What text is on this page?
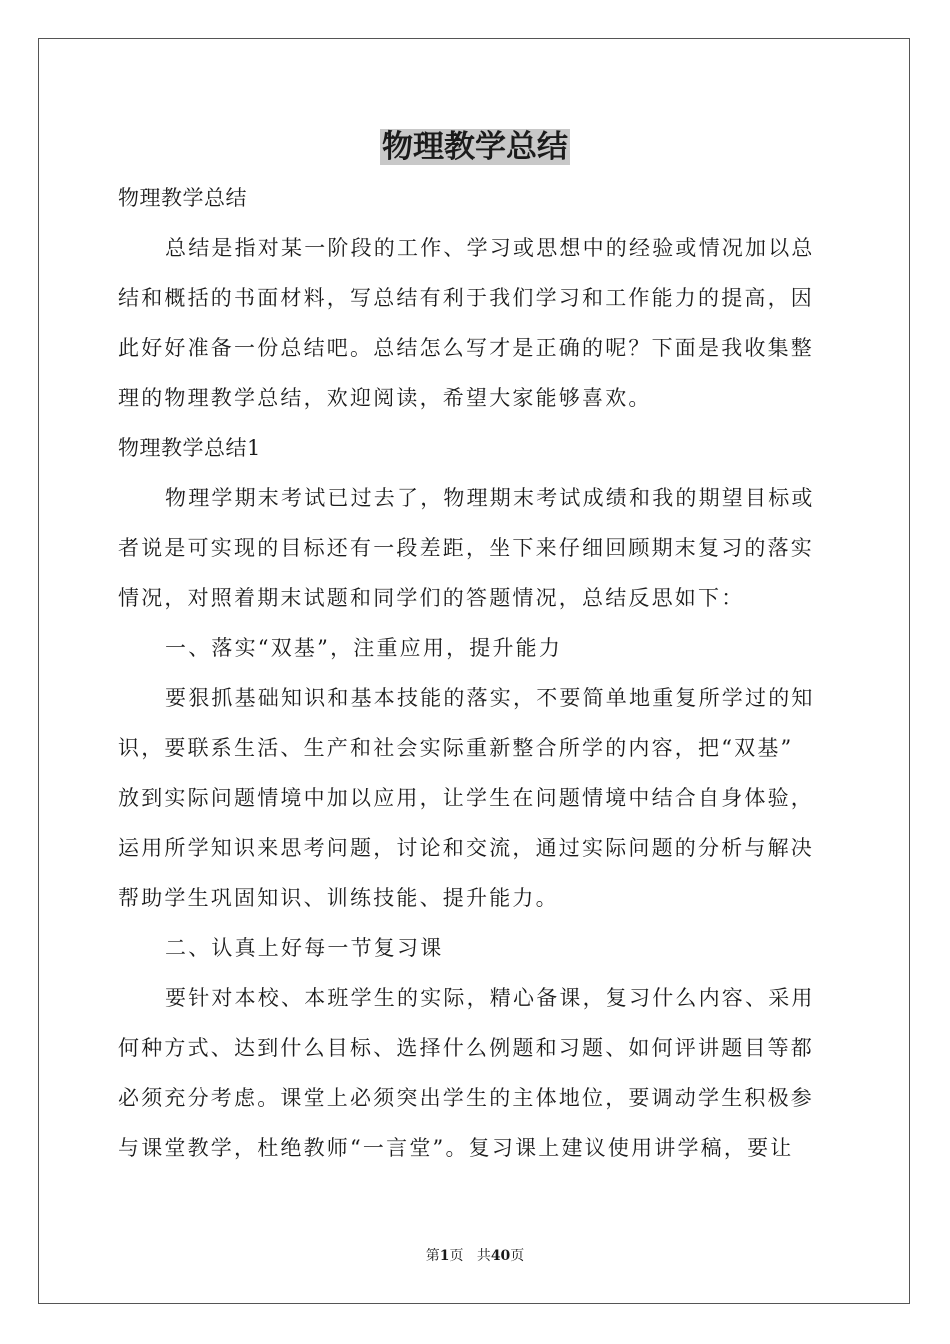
物理教学总结
物理教学总结
总结是指对某一阶段的工作、学习或思想中的经验或情况加以总
结和概括的书面材料，写总结有利于我们学习和工作能力的提高，因
此好好准备一份总结吧。总结怎么写才是正确的呢？下面是我收集整
理的物理教学总结，欢迎阅读，希望大家能够喜欢。
物理教学总结1
物理学期末考试已过去了，物理期末考试成绩和我的期望目标或
者说是可实现的目标还有一段差距，坐下来仔细回顾期末复习的落实
情况，对照着期末试题和同学们的答题情况，总结反思如下：
一、落实“双基”，注重应用，提升能力
要狠抓基础知识和基本技能的落实，不要简单地重复所学过的知
识，要联系生活、生产和社会实际重新整合所学的内容，把“双基”
放到实际问题情境中加以应用，让学生在问题情境中结合自身体验，
运用所学知识来思考问题，讨论和交流，通过实际问题的分析与解决
帮助学生巩固知识、训练技能、提升能力。
二、认真上好每一节复习课
要针对本校、本班学生的实际，精心备课，复习什么内容、采用
何种方式、达到什么目标、选择什么例题和习题、如何评讲题目等都
必须充分考虑。课堂上必须突出学生的主体地位，要调动学生积极参
与课堂教学，杜绝教师“一言堂”。复习课上建议使用讲学稿，要让
第1页 共40页
